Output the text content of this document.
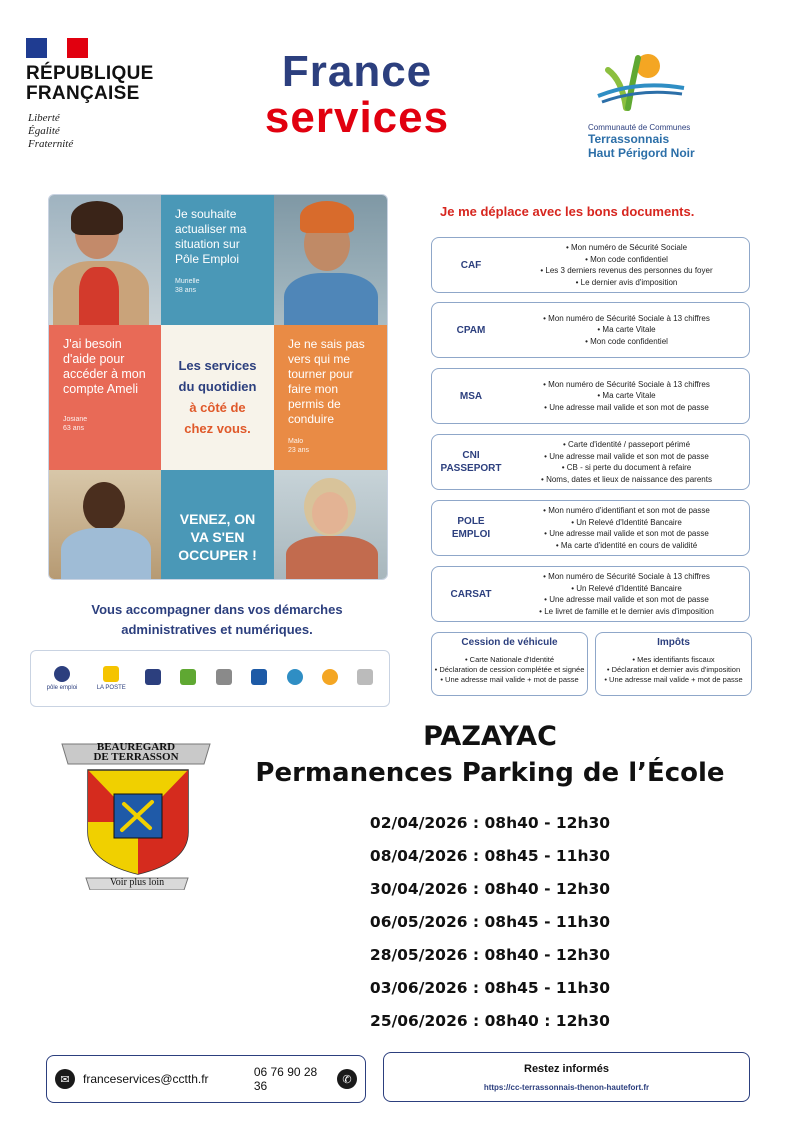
RÉPUBLIQUE
FRANÇAISE
Liberté
Égalité
Fraternité
France
services	Communauté de Communes
Terrassonnais
Haut Périgord Noir
Je souhaite actualiser ma situation sur Pôle Emploi
Murielle
38 ans
J'ai besoin d'aide pour accéder à mon compte Ameli
Josiane
63 ans
Les services
du quotidien
à côté de
chez vous.
Je ne sais pas vers qui me tourner pour faire mon permis de conduire
Malo
23 ans
VENEZ, ON VA S'EN OCCUPER !
Vous accompagner dans vos démarches
administratives et numériques.
pôle emploi	LA POSTE
Je me déplace avec les bons documents.
CAF
• Mon numéro de Sécurité Sociale
• Mon code confidentiel
• Les 3 derniers revenus des personnes du foyer
• Le dernier avis d'imposition
CPAM
• Mon numéro de Sécurité Sociale à 13 chiffres
• Ma carte Vitale
• Mon code confidentiel
MSA
• Mon numéro de Sécurité Sociale à 13 chiffres
• Ma carte Vitale
• Une adresse mail valide et son mot de passe
CNI
PASSEPORT
• Carte d'identité / passeport périmé
• Une adresse mail valide et son mot de passe
• CB - si perte du document à refaire
• Noms, dates et lieux de naissance des parents
POLE
EMPLOI
• Mon numéro d'identifiant et son mot de passe
• Un Relevé d'Identité Bancaire
• Une adresse mail valide et son mot de passe
• Ma carte d'identité en cours de validité
CARSAT
• Mon numéro de Sécurité Sociale à 13 chiffres
• Un Relevé d'Identité Bancaire
• Une adresse mail valide et son mot de passe
• Le livret de famille et le dernier avis d'imposition
Cession de véhicule
• Carte Nationale d'Identité
• Déclaration de cession complétée et signée
• Une adresse mail valide + mot de passe
Impôts
• Mes identifiants fiscaux
• Déclaration et dernier avis d'imposition
• Une adresse mail valide + mot de passe
BEAUREGARD
DE TERRASSON
Voir plus loin
PAZAYAC
Permanences Parking de l’École
02/04/2026 : 08h40 - 12h30
08/04/2026 : 08h45 - 11h30
30/04/2026 : 08h40 - 12h30
06/05/2026 : 08h45 - 11h30
28/05/2026 : 08h40 - 12h30
03/06/2026 : 08h45 - 11h30
25/06/2026 : 08h40 : 12h30
✉	franceservices@cctth.fr	06 76 90 28 36	✆
Restez informés
https://cc-terrassonnais-thenon-hautefort.fr
